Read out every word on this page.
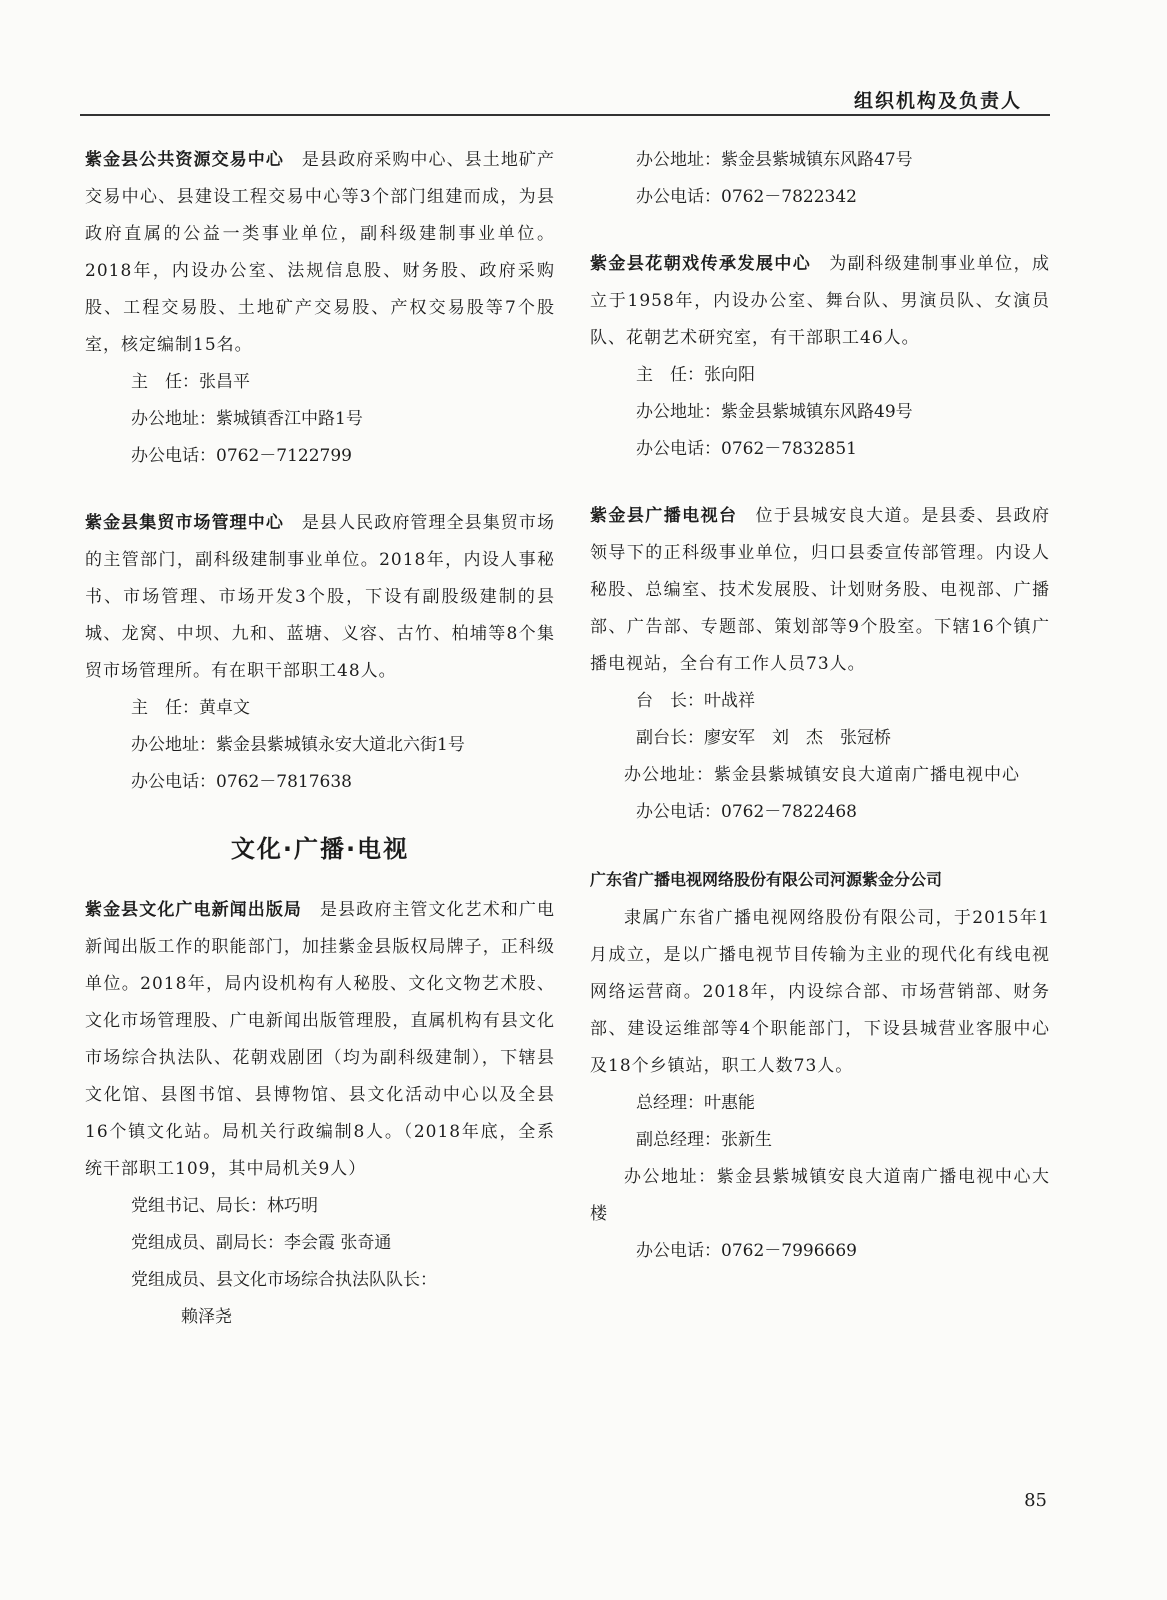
组织机构及负责人
紫金县公共资源交易中心 是县政府采购中心、县土地矿产交易中心、县建设工程交易中心等3个部门组建而成，为县政府直属的公益一类事业单位，副科级建制事业单位。2018年，内设办公室、法规信息股、财务股、政府采购股、工程交易股、土地矿产交易股、产权交易股等7个股室，核定编制15名。
主　任：张昌平
办公地址：紫城镇香江中路1号
办公电话：0762－7122799
紫金县集贸市场管理中心 是县人民政府管理全县集贸市场的主管部门，副科级建制事业单位。2018年，内设人事秘书、市场管理、市场开发3个股，下设有副股级建制的县城、龙窝、中坝、九和、蓝塘、义容、古竹、柏埔等8个集贸市场管理所。有在职干部职工48人。
主　任：黄卓文
办公地址：紫金县紫城镇永安大道北六街1号
办公电话：0762－7817638
文化·广播·电视
紫金县文化广电新闻出版局 是县政府主管文化艺术和广电新闻出版工作的职能部门，加挂紫金县版权局牌子，正科级单位。2018年，局内设机构有人秘股、文化文物艺术股、文化市场管理股、广电新闻出版管理股，直属机构有县文化市场综合执法队、花朝戏剧团（均为副科级建制），下辖县文化馆、县图书馆、县博物馆、县文化活动中心以及全县16个镇文化站。局机关行政编制8人。（2018年底，全系统干部职工109，其中局机关9人）
党组书记、局长：林巧明
党组成员、副局长：李会霞 张奇通
党组成员、县文化市场综合执法队队长：
赖泽尧
办公地址：紫金县紫城镇东风路47号
办公电话：0762－7822342
紫金县花朝戏传承发展中心 为副科级建制事业单位，成立于1958年，内设办公室、舞台队、男演员队、女演员队、花朝艺术研究室，有干部职工46人。
主　任：张向阳
办公地址：紫金县紫城镇东风路49号
办公电话：0762－7832851
紫金县广播电视台 位于县城安良大道。是县委、县政府领导下的正科级事业单位，归口县委宣传部管理。内设人秘股、总编室、技术发展股、计划财务股、电视部、广播部、广告部、专题部、策划部等9个股室。下辖16个镇广播电视站，全台有工作人员73人。
台　长：叶战祥
副台长：廖安军　刘　杰　张冠桥
办公地址：紫金县紫城镇安良大道南广播电视中心
办公电话：0762－7822468
广东省广播电视网络股份有限公司河源紫金分公司
隶属广东省广播电视网络股份有限公司，于2015年1月成立，是以广播电视节目传输为主业的现代化有线电视网络运营商。2018年，内设综合部、市场营销部、财务部、建设运维部等4个职能部门，下设县城营业客服中心及18个乡镇站，职工人数73人。
总经理：叶惠能
副总经理：张新生
办公地址：紫金县紫城镇安良大道南广播电视中心大楼
办公电话：0762－7996669
85
